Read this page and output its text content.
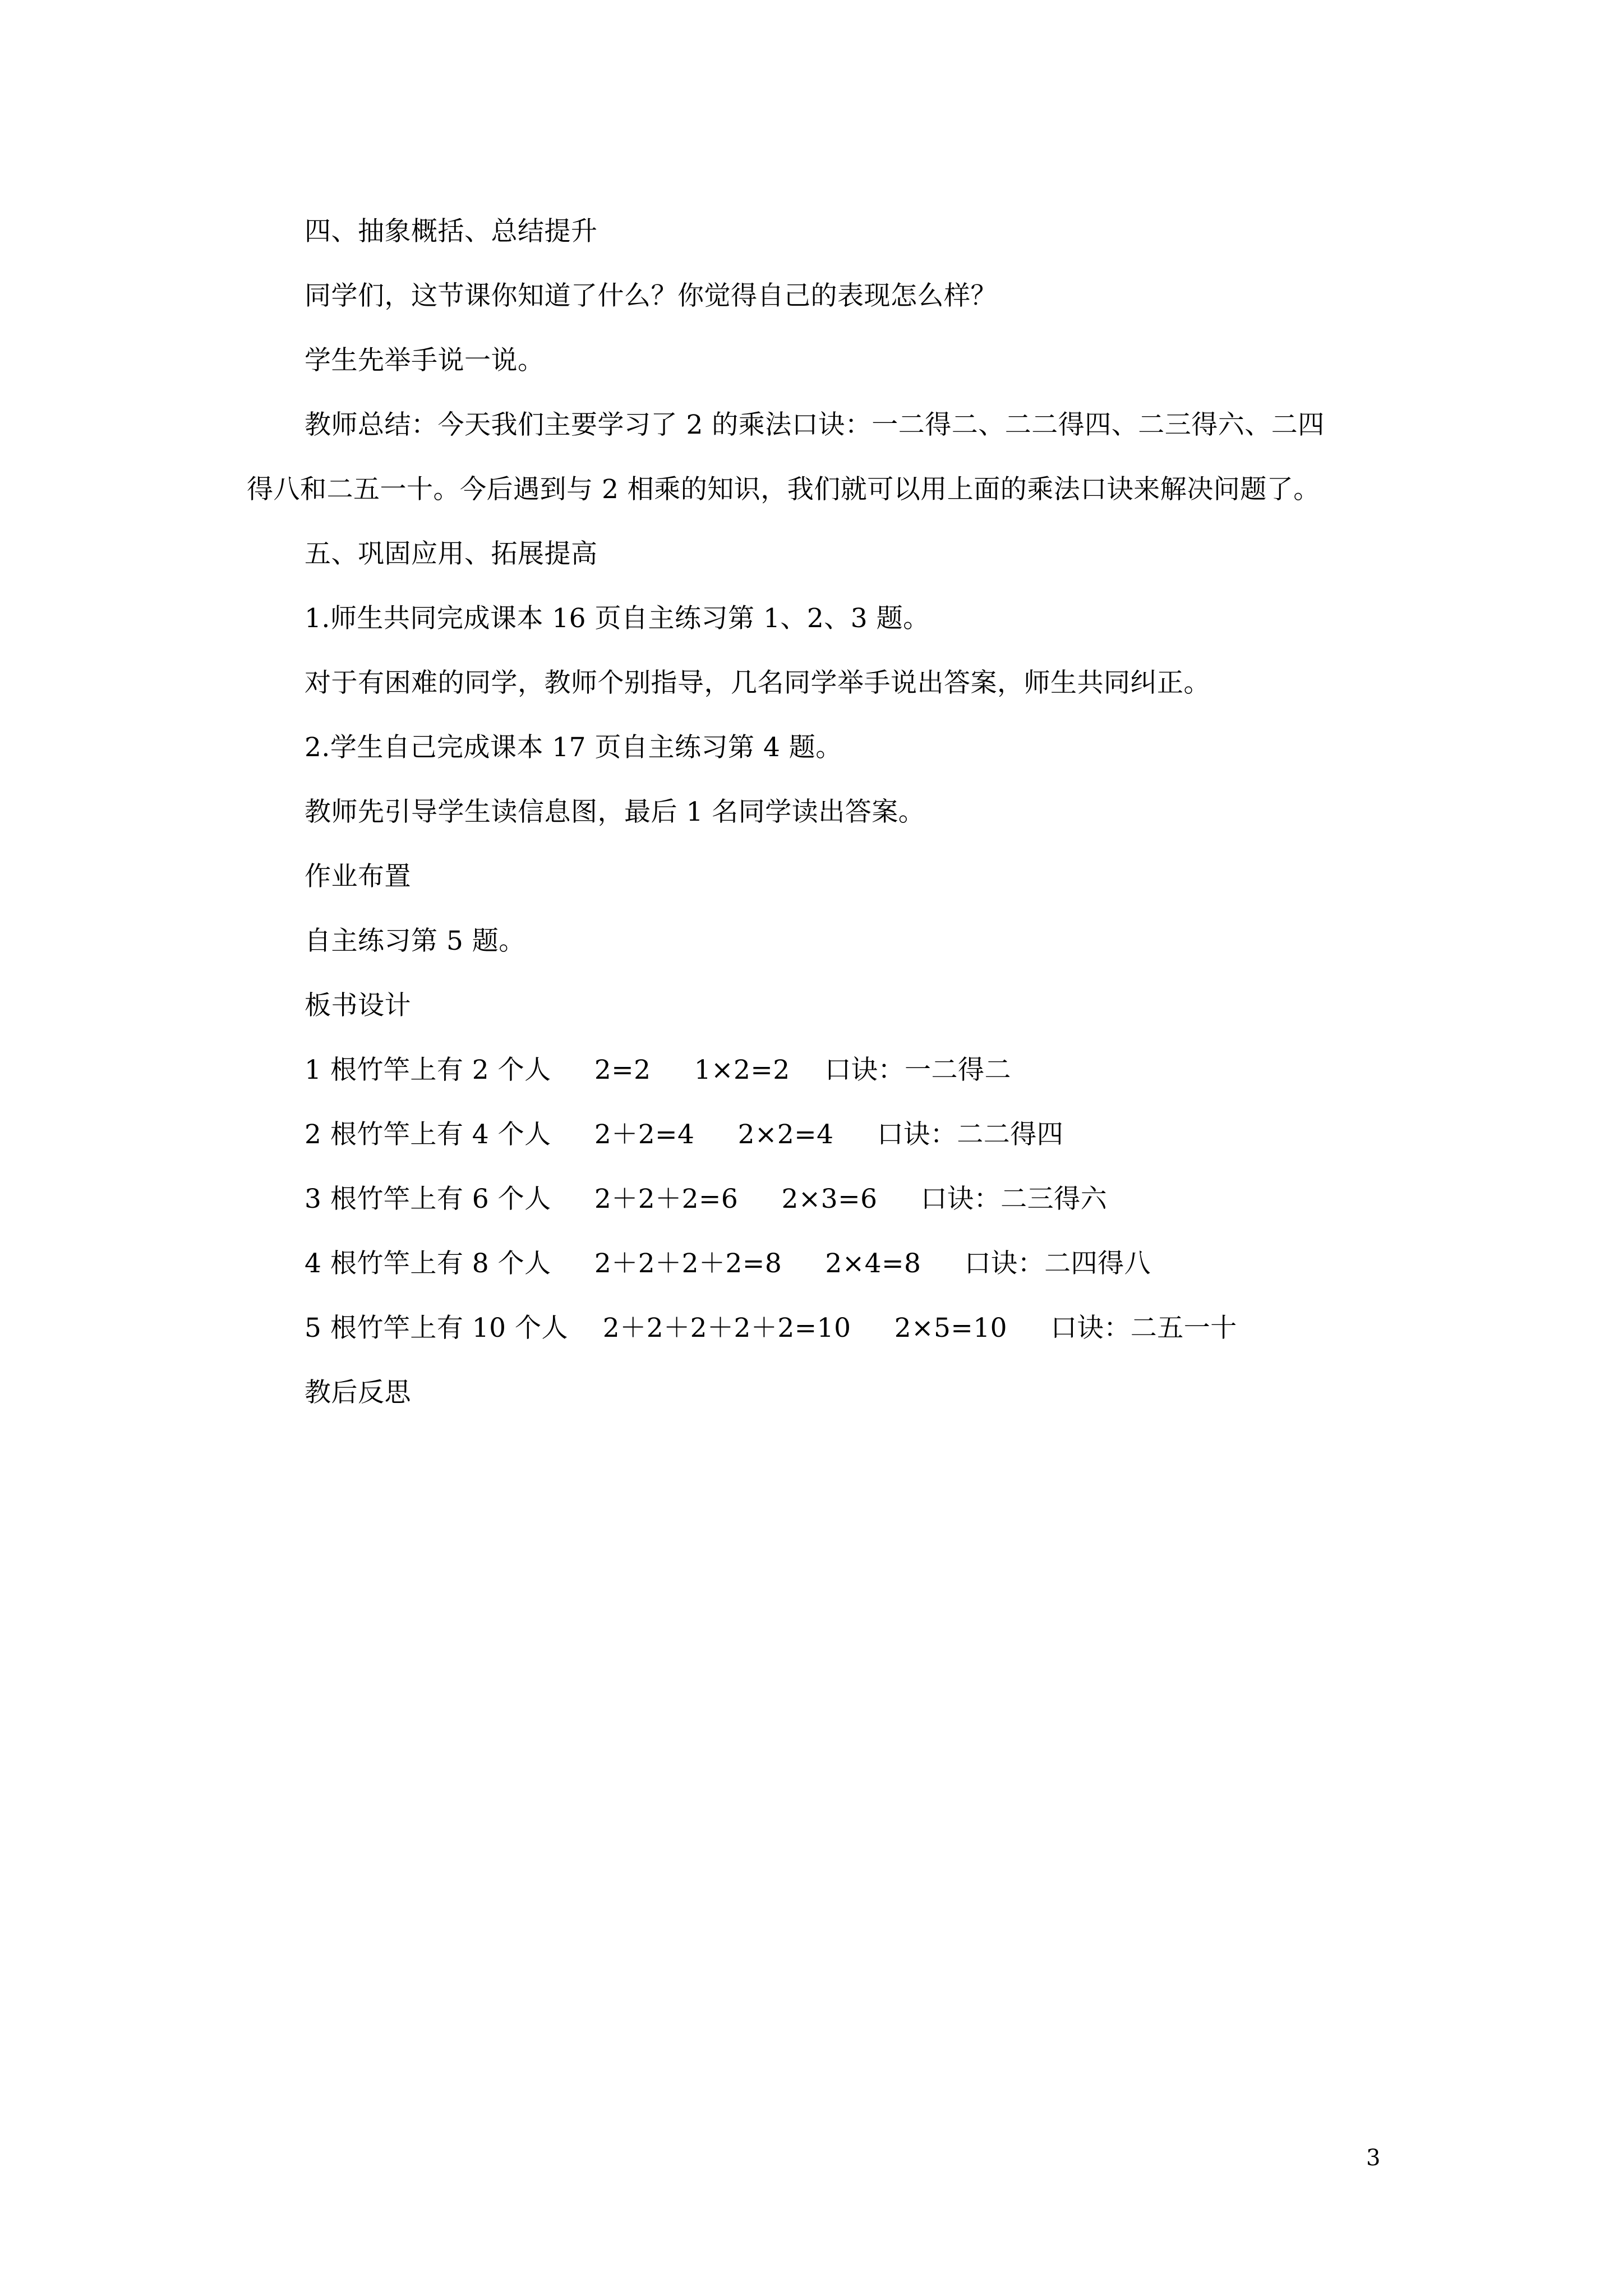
四、抽象概括、总结提升
同学们，这节课你知道了什么？你觉得自己的表现怎么样？
学生先举手说一说。
教师总结：今天我们主要学习了 2 的乘法口诀：一二得二、二二得四、二三得六、二四
得八和二五一十。今后遇到与 2 相乘的知识，我们就可以用上面的乘法口诀来解决问题了。
五、巩固应用、拓展提高
1.师生共同完成课本 16 页自主练习第 1、2、3 题。
对于有困难的同学，教师个别指导，几名同学举手说出答案，师生共同纠正。
2.学生自己完成课本 17 页自主练习第 4 题。
教师先引导学生读信息图，最后 1 名同学读出答案。
作业布置
自主练习第 5 题。
板书设计
1 根竹竿上有 2 个人     2=2     1×2=2    口诀：一二得二
2 根竹竿上有 4 个人     2＋2=4     2×2=4     口诀：二二得四
3 根竹竿上有 6 个人     2＋2＋2=6     2×3=6     口诀：二三得六
4 根竹竿上有 8 个人     2＋2＋2＋2=8     2×4=8     口诀：二四得八
5 根竹竿上有 10 个人    2＋2＋2＋2＋2=10     2×5=10     口诀：二五一十
教后反思
3
